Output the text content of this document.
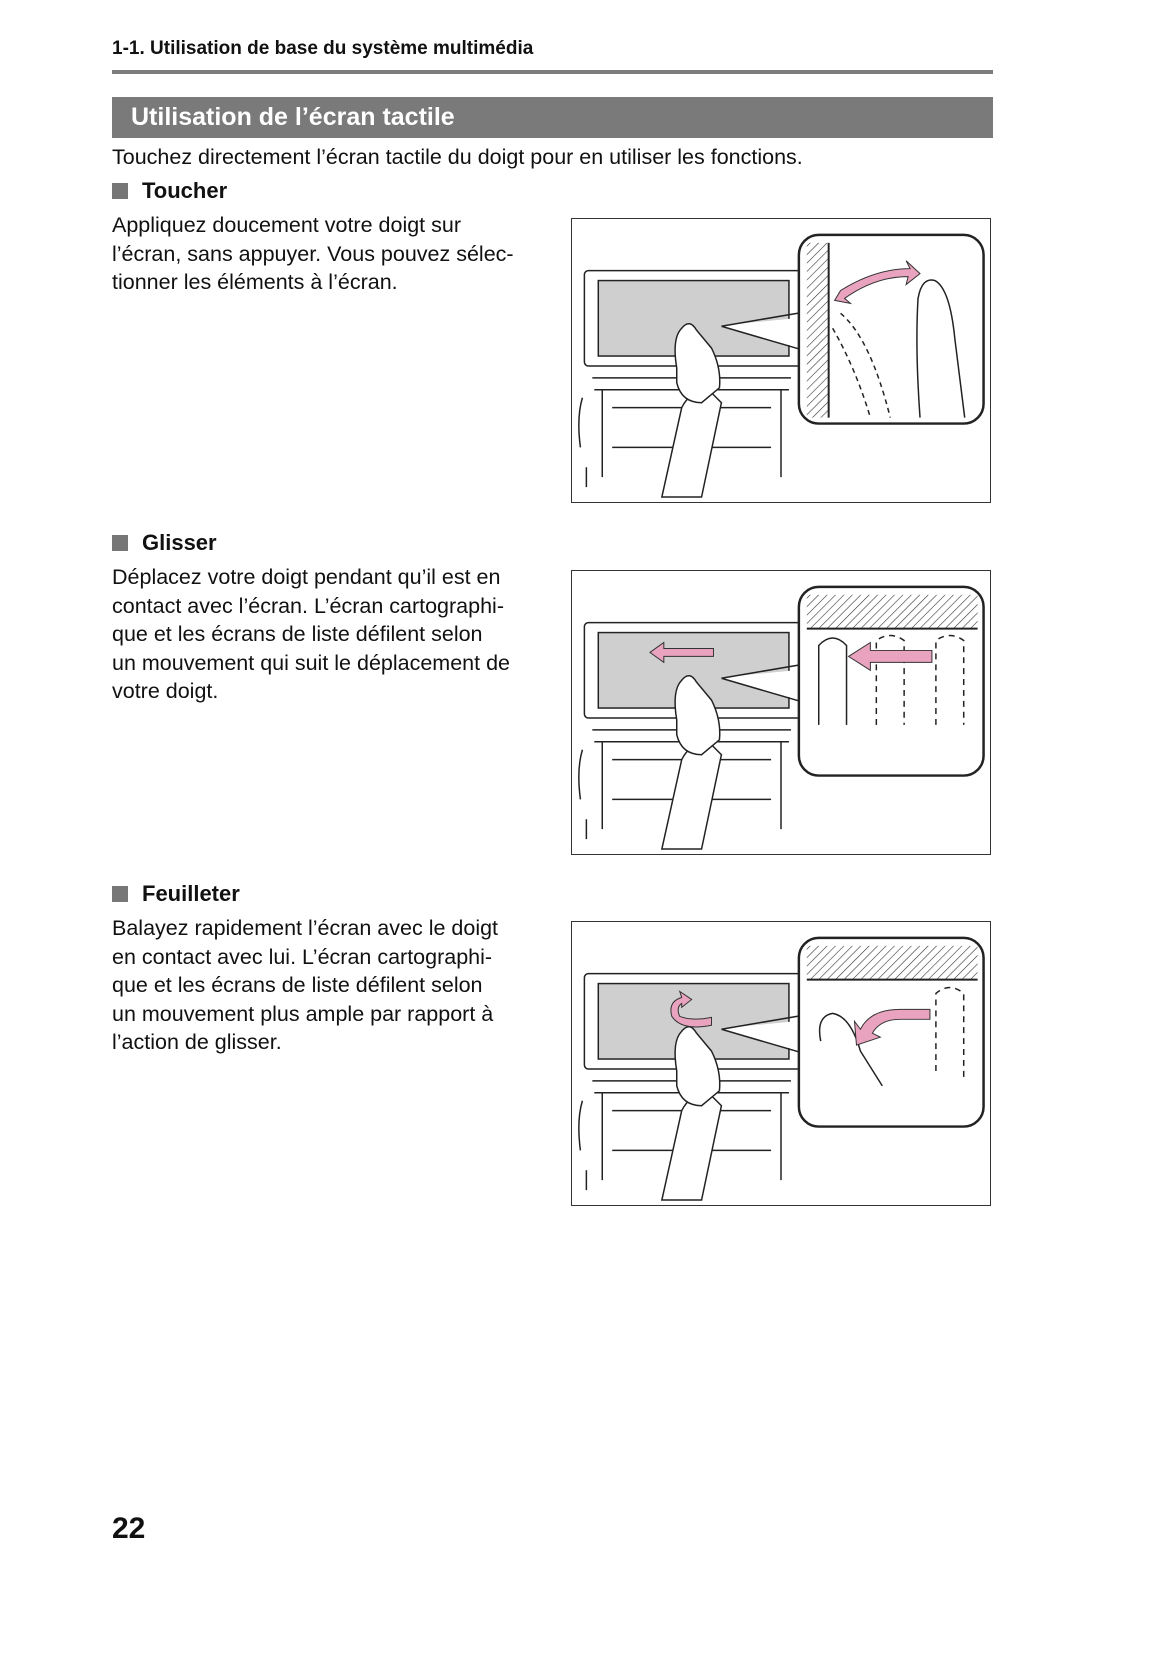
1-1. Utilisation de base du système multimédia
Utilisation de l’écran tactile
Touchez directement l’écran tactile du doigt pour en utiliser les fonctions.
Toucher
Appliquez doucement votre doigt sur
l’écran, sans appuyer. Vous pouvez sélec-
tionner les éléments à l’écran.
Glisser
Déplacez votre doigt pendant qu’il est en
contact avec l’écran. L’écran cartographi-
que et les écrans de liste défilent selon
un mouvement qui suit le déplacement de
votre doigt.
Feuilleter
Balayez rapidement l’écran avec le doigt
en contact avec lui. L’écran cartographi-
que et les écrans de liste défilent selon
un mouvement plus ample par rapport à
l’action de glisser.
22
